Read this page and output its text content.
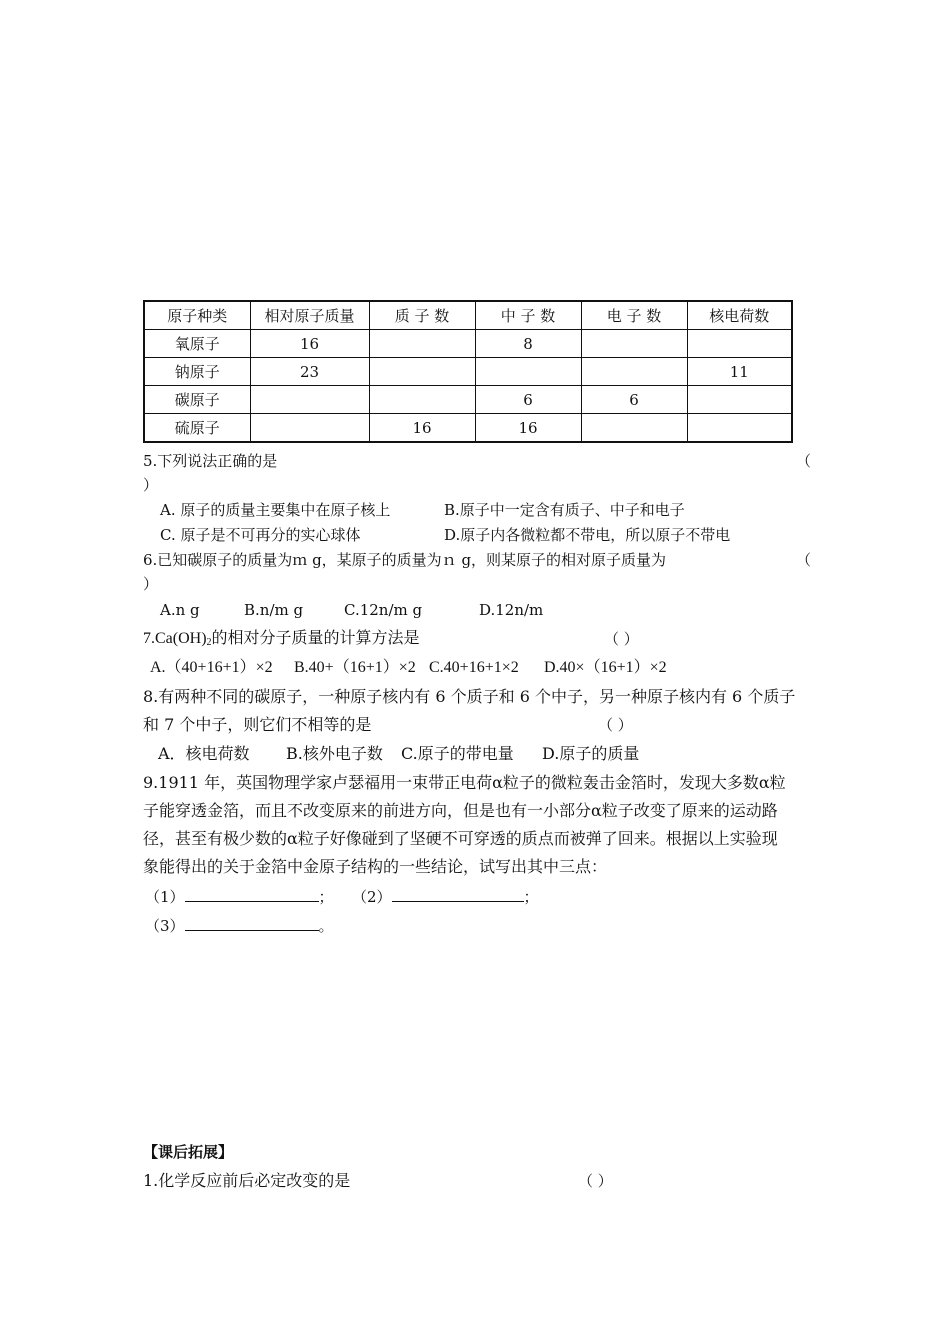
原子种类	相对原子质量	质 子 数	中 子 数	电 子 数	核电荷数
氧原子	16		8		
钠原子	23				11
碳原子			6	6	
硫原子		16	16		
5.下列说法正确的是	（
）
A. 原子的质量主要集中在原子核上	B.原子中一定含有质子、中子和电子
C. 原子是不可再分的实心球体	D.原子内各微粒都不带电，所以原子不带电
6.已知碳原子的质量为ｍ g，某原子的质量为ｎ g，则某原子的相对原子质量为	（
）
A.n g	B.n/m g	C.12n/m g	D.12n/m
$7.Ca(OH)_2$的相对分子质量的计算方法是	（ ）
A.（40+16+1）×2 B.40+（16+1）×2 C.40+16+1×2 D.40×（16+1）×2
8.有两种不同的碳原子，一种原子核内有 6 个质子和 6 个中子，另一种原子核内有 6 个质子
和 7 个中子，则它们不相等的是	（ ）
A．核电荷数 B.核外电子数 C.原子的带电量 D.原子的质量
9.1911 年，英国物理学家卢瑟福用一束带正电荷α粒子的微粒轰击金箔时，发现大多数α粒
子能穿透金箔，而且不改变原来的前进方向，但是也有一小部分α粒子改变了原来的运动路
径，甚至有极少数的α粒子好像碰到了坚硬不可穿透的质点而被弹了回来。根据以上实验现
象能得出的关于金箔中金原子结构的一些结论，试写出其中三点：
（1）	； （2）	；
（3）	。
【课后拓展】
1.化学反应前后必定改变的是	（ ）
